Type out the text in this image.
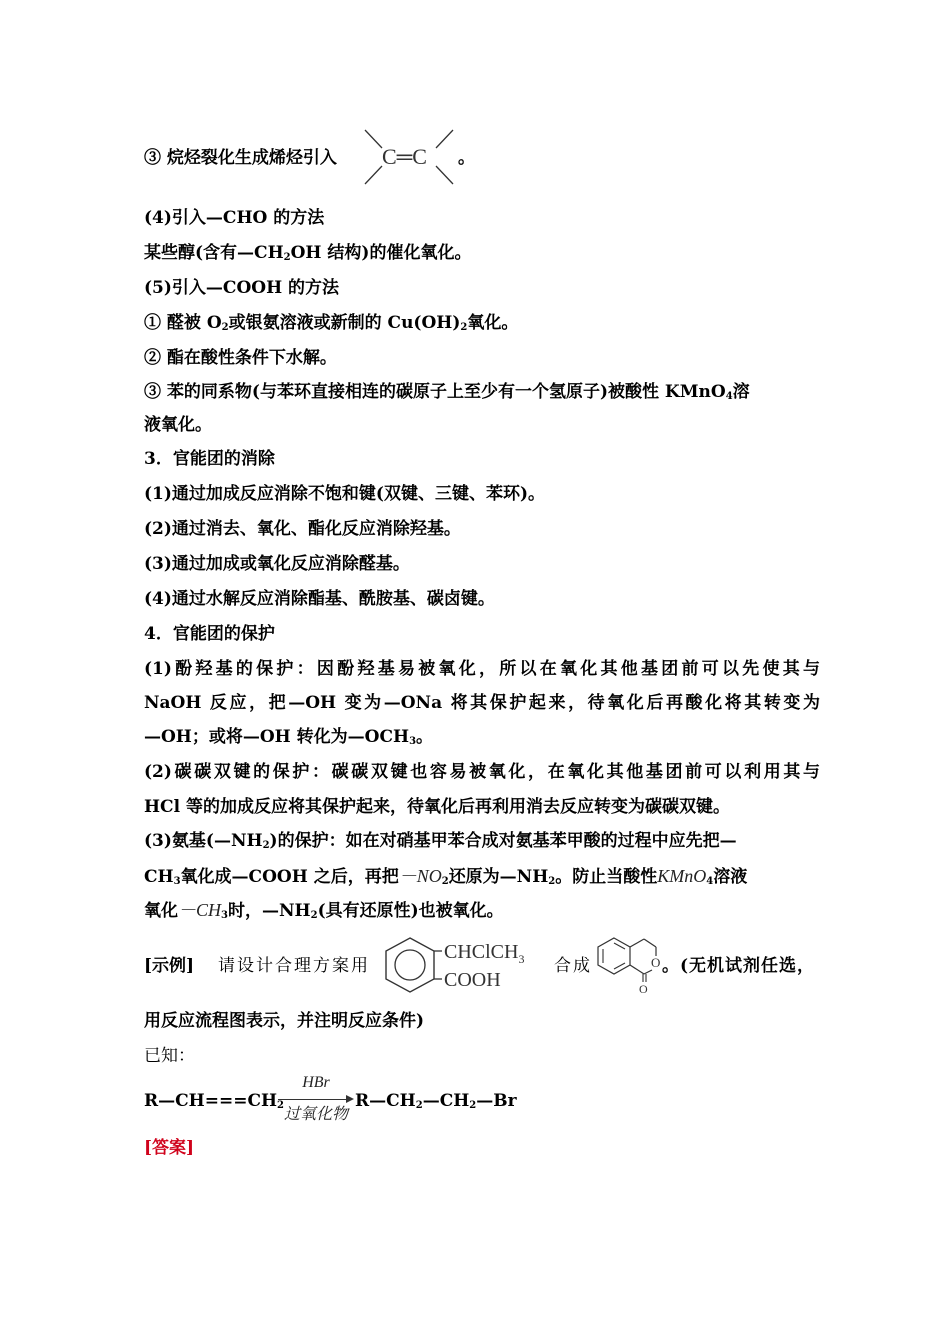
③ 烷烃裂化生成烯烃引入	C═C 。
(4)引入—CHO 的方法
某些醇(含有$—CH_2OH$ 结构)的催化氧化。
(5)引入—COOH 的方法
① 醛被 $O_2$或银氨溶液或新制的 $Cu(OH)_2$氧化。
② 酯在酸性条件下水解。
③ 苯的同系物(与苯环直接相连的碳原子上至少有一个氢原子)被酸性 KMnO$_4$溶
液氧化。
3．官能团的消除
(1)通过加成反应消除不饱和键(双键、三键、苯环)。
(2)通过消去、氧化、酯化反应消除羟基。
(3)通过加成或氧化反应消除醛基。
(4)通过水解反应消除酯基、酰胺基、碳卤键。
4．官能团的保护
(1)酚羟基的保护：因酚羟基易被氧化，所以在氧化其他基团前可以先使其与
NaOH 反应，把—OH 变为—ONa 将其保护起来，待氧化后再酸化将其转变为
—OH；或将—OH 转化为$—OCH_3$。
(2)碳碳双键的保护：碳碳双键也容易被氧化，在氧化其他基团前可以利用其与
HCl 等的加成反应将其保护起来，待氧化后再利用消去反应转变为碳碳双键。
(3)氨基$(—NH_2)$的保护：如在对硝基甲苯合成对氨基苯甲酸的过程中应先把—
$CH_3$氧化成—COOH 之后，再把$-NO_2$还原为$—NH_2$。防止当酸性KMnO$_4$溶液
氧化$-CH_3$时，$—NH_2$(具有还原性)也被氧化。
[示例] 请设计合理方案用
CHClCH$_3$
COOH
合成	O
O
。(无机试剂任选，
用反应流程图表示，并注明反应条件)
已知：
$R—CH===CH_2$
HBr
过氧化物
$R—CH_2—CH_2—Br$
[答案]
